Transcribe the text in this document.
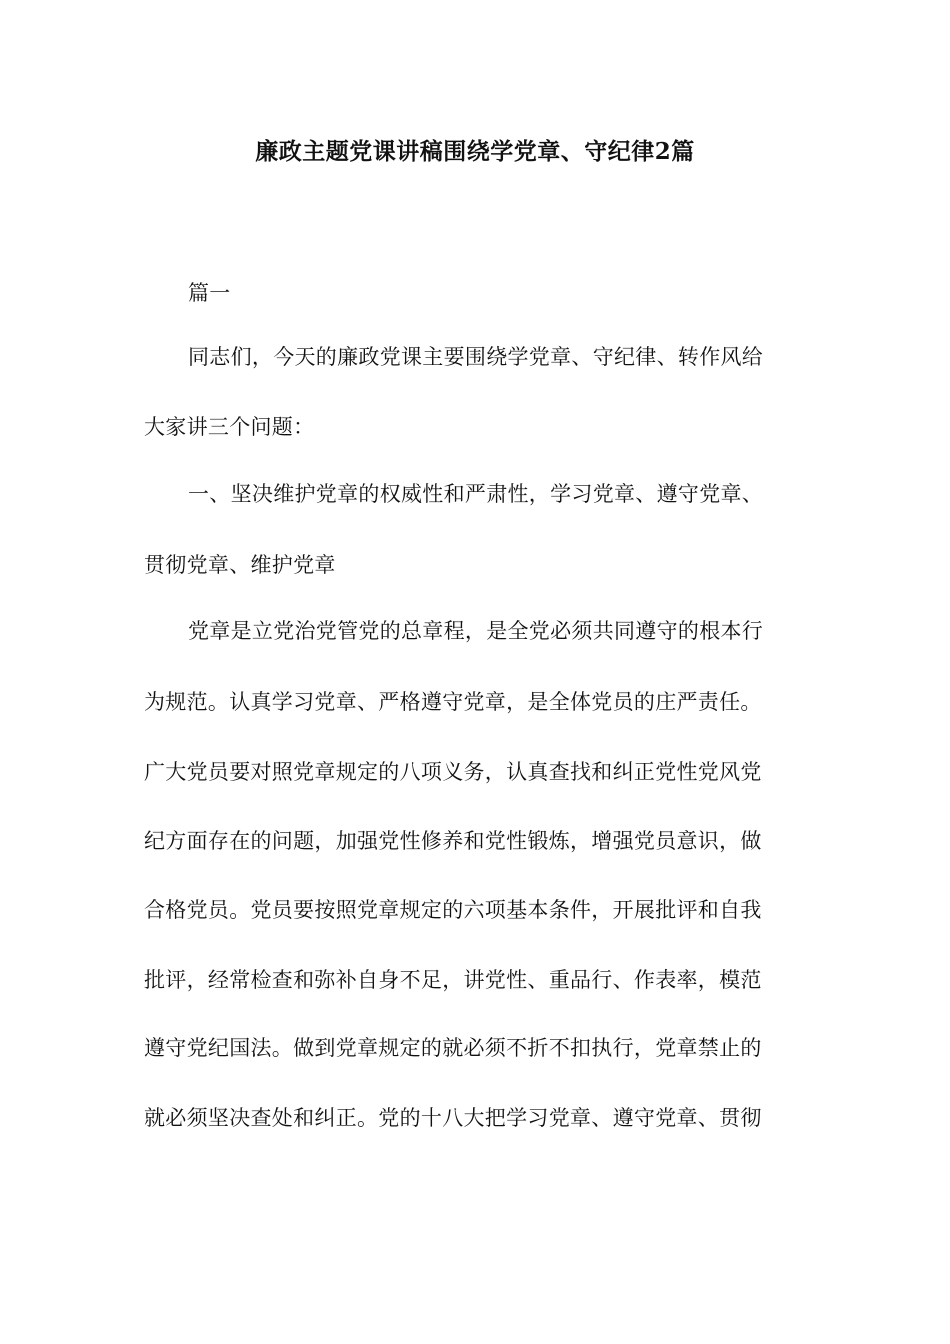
廉政主题党课讲稿围绕学党章、守纪律2篇
篇一
同志们，今天的廉政党课主要围绕学党章、守纪律、转作风给
大家讲三个问题：
一、坚决维护党章的权威性和严肃性，学习党章、遵守党章、
贯彻党章、维护党章
党章是立党治党管党的总章程，是全党必须共同遵守的根本行
为规范。认真学习党章、严格遵守党章，是全体党员的庄严责任。
广大党员要对照党章规定的八项义务，认真查找和纠正党性党风党
纪方面存在的问题，加强党性修养和党性锻炼，增强党员意识，做
合格党员。党员要按照党章规定的六项基本条件，开展批评和自我
批评，经常检查和弥补自身不足，讲党性、重品行、作表率，模范
遵守党纪国法。做到党章规定的就必须不折不扣执行，党章禁止的
就必须坚决查处和纠正。党的十八大把学习党章、遵守党章、贯彻
